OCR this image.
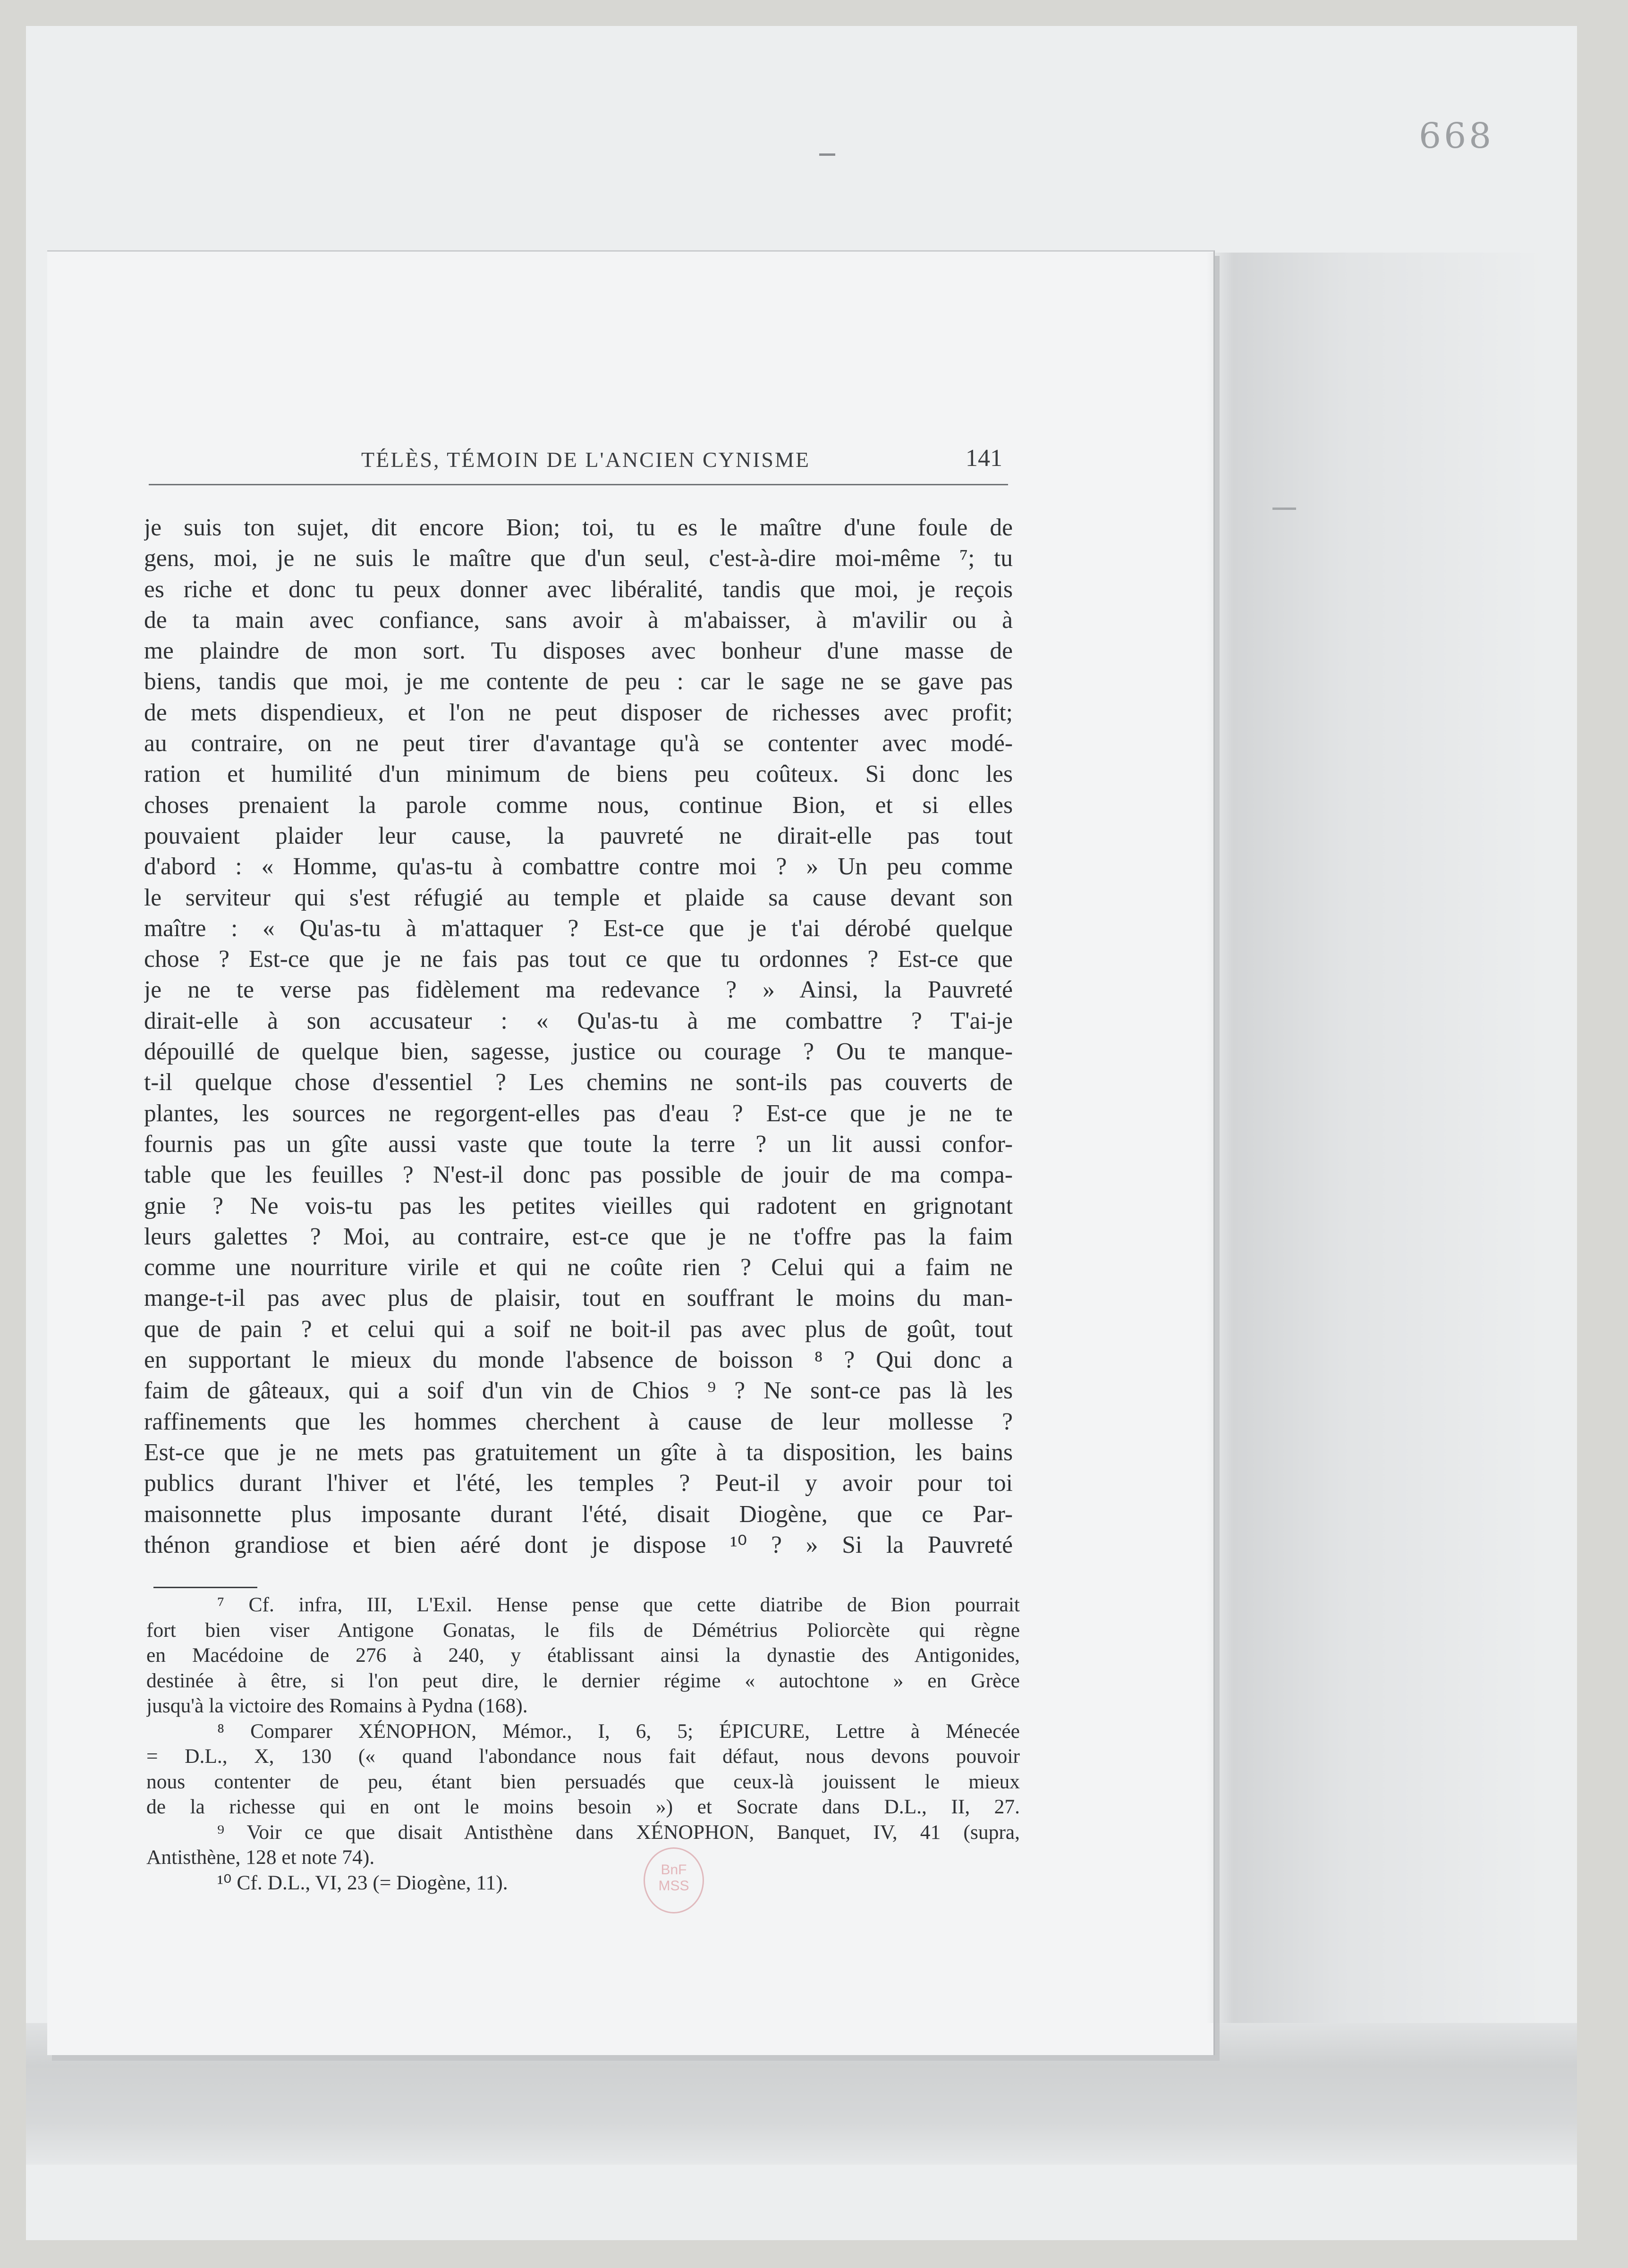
668
TÉLÈS, TÉMOIN DE L'ANCIEN CYNISME	141

je suis ton sujet, dit encore Bion; toi, tu es le maître d'une foule de

gens, moi, je ne suis le maître que d'un seul, c'est-à-dire moi-même ⁷; tu

es riche et donc tu peux donner avec libéralité, tandis que moi, je reçois

de ta main avec confiance, sans avoir à m'abaisser, à m'avilir ou à

me plaindre de mon sort. Tu disposes avec bonheur d'une masse de

biens, tandis que moi, je me contente de peu : car le sage ne se gave pas

de mets dispendieux, et l'on ne peut disposer de richesses avec profit;

au contraire, on ne peut tirer d'avantage qu'à se contenter avec modé-

ration et humilité d'un minimum de biens peu coûteux. Si donc les

choses prenaient la parole comme nous, continue Bion, et si elles

pouvaient plaider leur cause, la pauvreté ne dirait-elle pas tout

d'abord : « Homme, qu'as-tu à combattre contre moi ? » Un peu comme

le serviteur qui s'est réfugié au temple et plaide sa cause devant son

maître : « Qu'as-tu à m'attaquer ? Est-ce que je t'ai dérobé quelque

chose ? Est-ce que je ne fais pas tout ce que tu ordonnes ? Est-ce que

je ne te verse pas fidèlement ma redevance ? » Ainsi, la Pauvreté

dirait-elle à son accusateur : « Qu'as-tu à me combattre ? T'ai-je

dépouillé de quelque bien, sagesse, justice ou courage ? Ou te manque-

t-il quelque chose d'essentiel ? Les chemins ne sont-ils pas couverts de

plantes, les sources ne regorgent-elles pas d'eau ? Est-ce que je ne te

fournis pas un gîte aussi vaste que toute la terre ? un lit aussi confor-

table que les feuilles ? N'est-il donc pas possible de jouir de ma compa-

gnie ? Ne vois-tu pas les petites vieilles qui radotent en grignotant

leurs galettes ? Moi, au contraire, est-ce que je ne t'offre pas la faim

comme une nourriture virile et qui ne coûte rien ? Celui qui a faim ne

mange-t-il pas avec plus de plaisir, tout en souffrant le moins du man-

que de pain ? et celui qui a soif ne boit-il pas avec plus de goût, tout

en supportant le mieux du monde l'absence de boisson ⁸ ? Qui donc a

faim de gâteaux, qui a soif d'un vin de Chios ⁹ ? Ne sont-ce pas là les

raffinements que les hommes cherchent à cause de leur mollesse ?

Est-ce que je ne mets pas gratuitement un gîte à ta disposition, les bains

publics durant l'hiver et l'été, les temples ? Peut-il y avoir pour toi

maisonnette plus imposante durant l'été, disait Diogène, que ce Par-

thénon grandiose et bien aéré dont je dispose ¹⁰ ? » Si la Pauvreté

⁷ Cf. infra, III, L'Exil. Hense pense que cette diatribe de Bion pourrait

fort bien viser Antigone Gonatas, le fils de Démétrius Poliorcète qui règne

en Macédoine de 276 à 240, y établissant ainsi la dynastie des Antigonides,

destinée à être, si l'on peut dire, le dernier régime « autochtone » en Grèce

jusqu'à la victoire des Romains à Pydna (168).

⁸ Comparer XÉNOPHON, Mémor., I, 6, 5; ÉPICURE, Lettre à Ménecée

= D.L., X, 130 (« quand l'abondance nous fait défaut, nous devons pouvoir

nous contenter de peu, étant bien persuadés que ceux-là jouissent le mieux

de la richesse qui en ont le moins besoin ») et Socrate dans D.L., II, 27.

⁹ Voir ce que disait Antisthène dans XÉNOPHON, Banquet, IV, 41 (supra,

Antisthène, 128 et note 74).

¹⁰ Cf. D.L., VI, 23 (= Diogène, 11).

BnF
MSS
